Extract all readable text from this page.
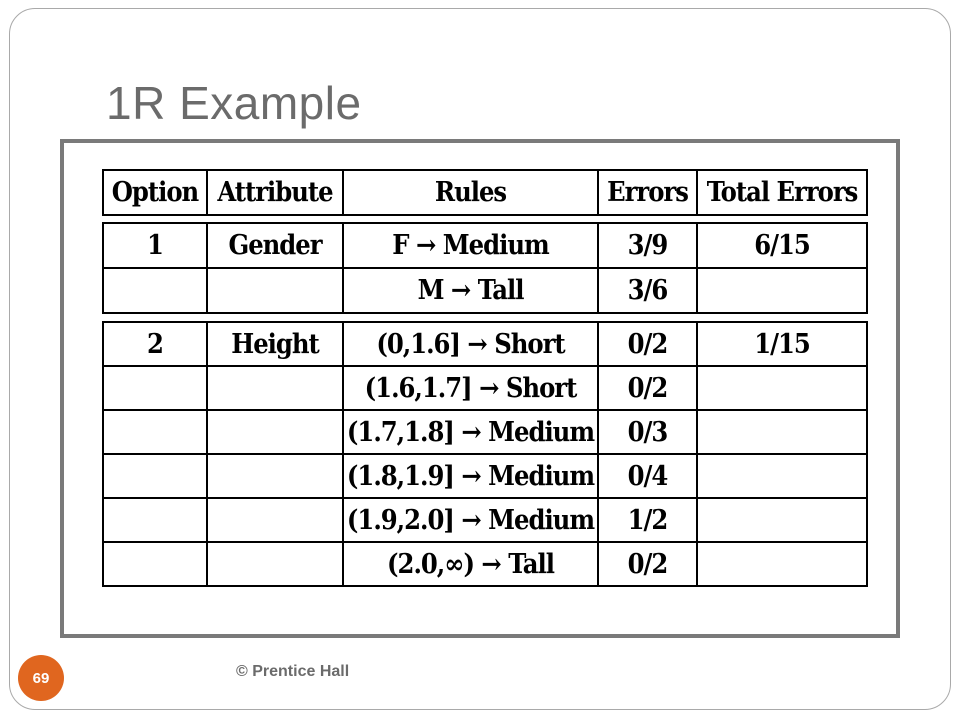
1R Example
Option	Attribute	Rules	Errors	Total Errors
1	Gender	F → Medium	3/9	6/15
		M → Tall	3/6	
2	Height	(0,1.6] → Short	0/2	1/15
		(1.6,1.7] → Short	0/2	
		(1.7,1.8] → Medium	0/3	
		(1.8,1.9] → Medium	0/4	
		(1.9,2.0] → Medium	1/2	
		(2.0,∞) → Tall	0/2	
69	© Prentice Hall
